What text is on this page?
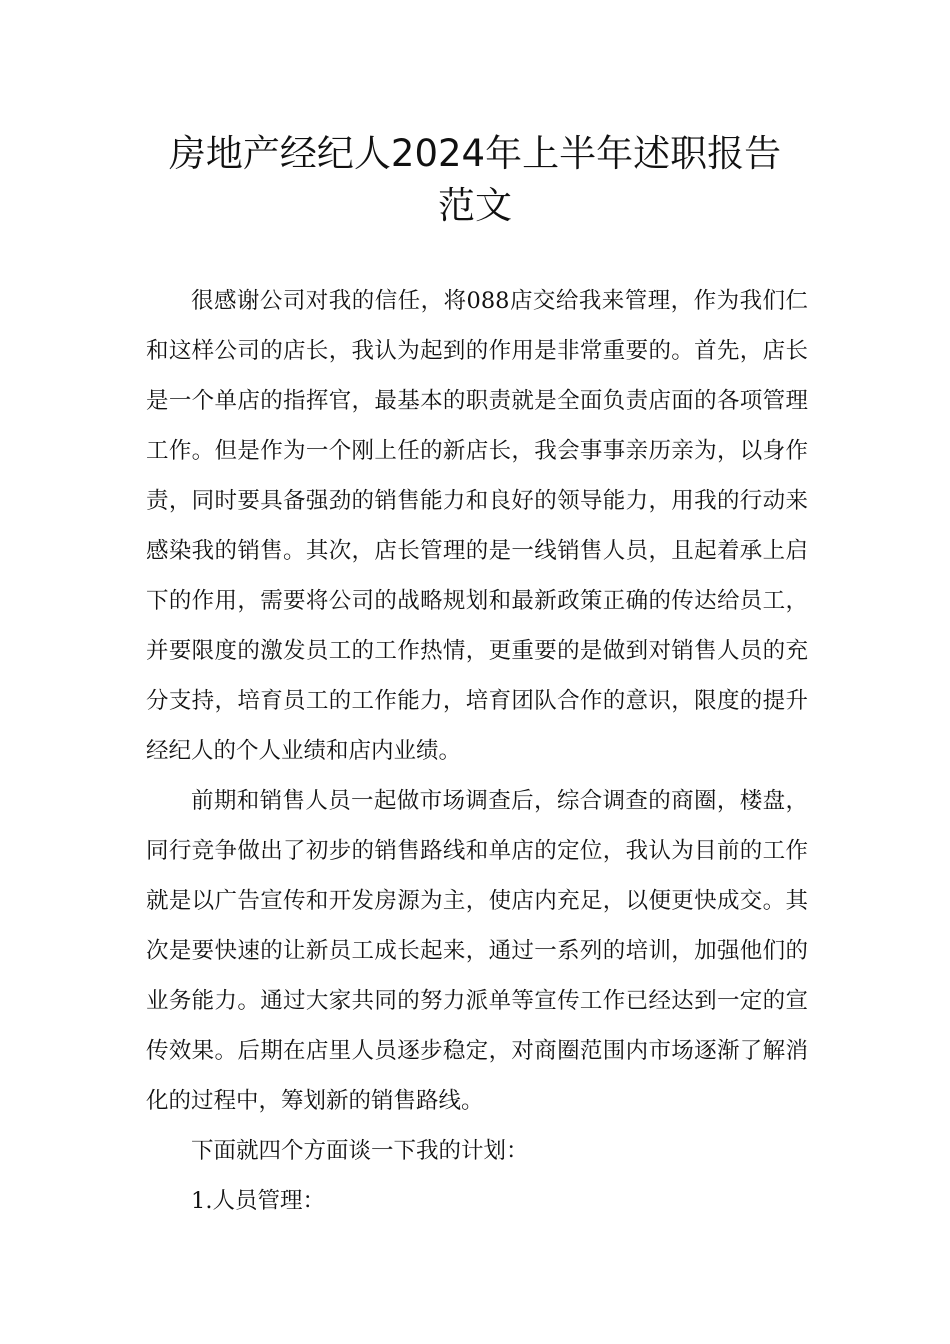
房地产经纪人2024年上半年述职报告
范文

很感谢公司对我的信任，将088店交给我来管理，作为我们仁和这样公司的店长，我认为起到的作用是非常重要的。首先，店长是一个单店的指挥官，最基本的职责就是全面负责店面的各项管理工作。但是作为一个刚上任的新店长，我会事事亲历亲为，以身作责，同时要具备强劲的销售能力和良好的领导能力，用我的行动来感染我的销售。其次，店长管理的是一线销售人员，且起着承上启下的作用，需要将公司的战略规划和最新政策正确的传达给员工，并要限度的激发员工的工作热情，更重要的是做到对销售人员的充分支持，培育员工的工作能力，培育团队合作的意识，限度的提升经纪人的个人业绩和店内业绩。

前期和销售人员一起做市场调查后，综合调查的商圈，楼盘，同行竞争做出了初步的销售路线和单店的定位，我认为目前的工作就是以广告宣传和开发房源为主，使店内充足，以便更快成交。其次是要快速的让新员工成长起来，通过一系列的培训，加强他们的业务能力。通过大家共同的努力派单等宣传工作已经达到一定的宣传效果。后期在店里人员逐步稳定，对商圈范围内市场逐渐了解消化的过程中，筹划新的销售路线。

下面就四个方面谈一下我的计划：

1.人员管理：
